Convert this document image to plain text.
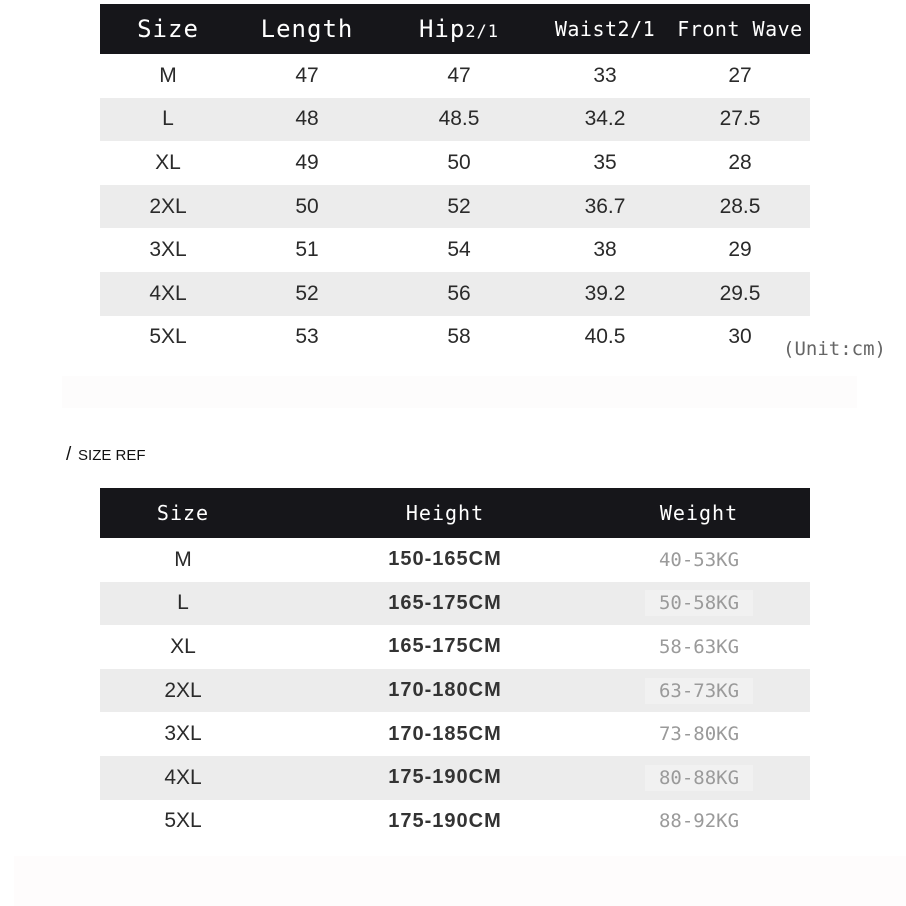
Size	Length	Hip2/1	Waist2/1	Front Wave
M	47	47	33	27
L	48	48.5	34.2	27.5
XL	49	50	35	28
2XL	50	52	36.7	28.5
3XL	51	54	38	29
4XL	52	56	39.2	29.5
5XL	53	58	40.5	30
(Unit:cm)
/ SIZE REF
Size	Height	Weight
M	150-165CM	40-53KG
L	165-175CM	50-58KG
XL	165-175CM	58-63KG
2XL	170-180CM	63-73KG
3XL	170-185CM	73-80KG
4XL	175-190CM	80-88KG
5XL	175-190CM	88-92KG
